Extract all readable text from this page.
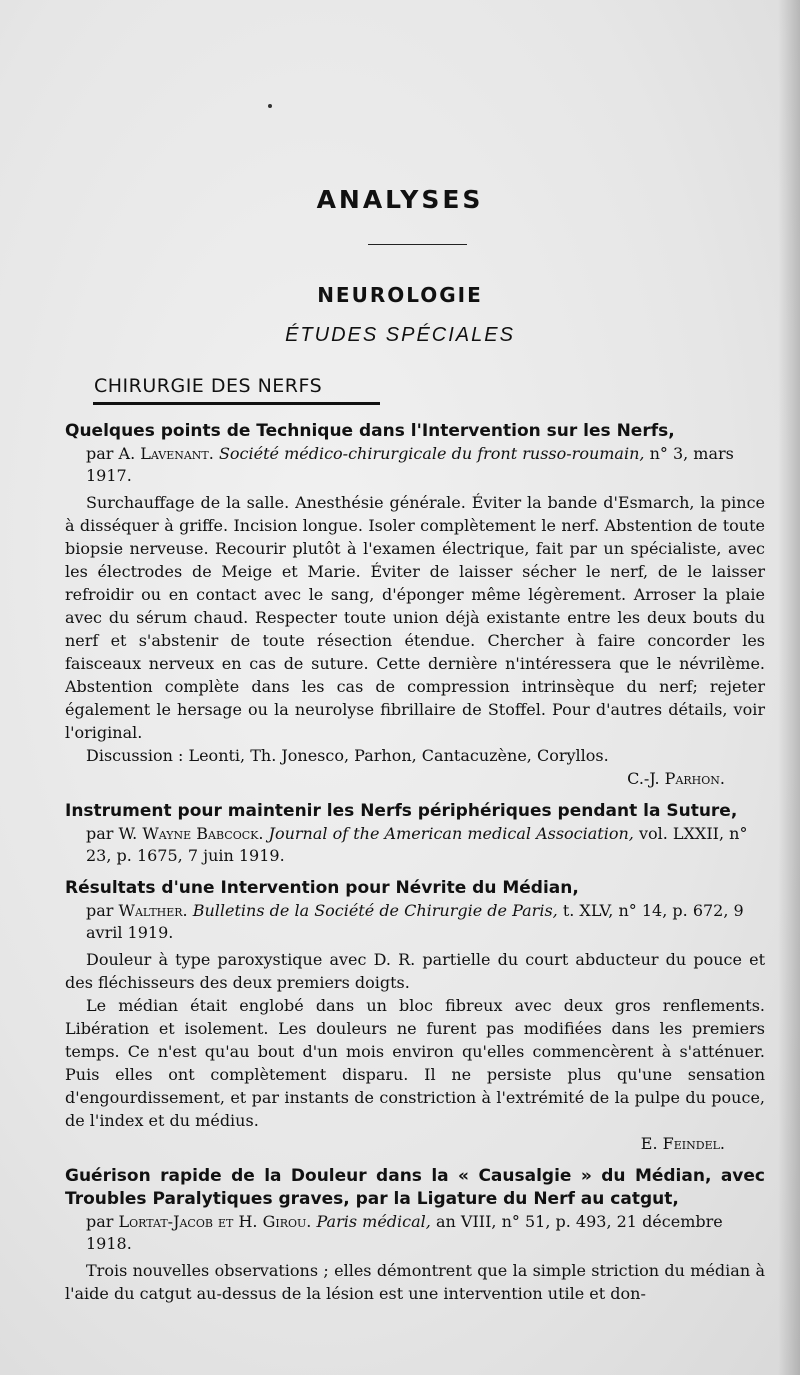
ANALYSES
NEUROLOGIE
ÉTUDES SPÉCIALES
CHIRURGIE DES NERFS

Quelques points de Technique dans l'Intervention sur les Nerfs,

par A. Lavenant. Société médico-chirurgicale du front russo-roumain, n° 3, mars 1917.

Surchauffage de la salle. Anesthésie générale. Éviter la bande d'Esmarch, la pince à disséquer à griffe. Incision longue. Isoler complètement le nerf. Abstention de toute biopsie nerveuse. Recourir plutôt à l'examen électrique, fait par un spécialiste, avec les électrodes de Meige et Marie. Éviter de laisser sécher le nerf, de le laisser refroidir ou en contact avec le sang, d'éponger même légèrement. Arroser la plaie avec du sérum chaud. Respecter toute union déjà existante entre les deux bouts du nerf et s'abstenir de toute résection étendue. Chercher à faire concorder les faisceaux nerveux en cas de suture. Cette dernière n'intéressera que le névrilème. Abstention complète dans les cas de compression intrinsèque du nerf; rejeter également le hersage ou la neurolyse fibrillaire de Stoffel. Pour d'autres détails, voir l'original.

Discussion : Leonti, Th. Jonesco, Parhon, Cantacuzène, Coryllos.

C.-J. Parhon.

Instrument pour maintenir les Nerfs périphériques pendant la Suture,

par W. Wayne Babcock. Journal of the American medical Association, vol. LXXII, n° 23, p. 1675, 7 juin 1919.

Résultats d'une Intervention pour Névrite du Médian,

par Walther. Bulletins de la Société de Chirurgie de Paris, t. XLV, n° 14, p. 672, 9 avril 1919.

Douleur à type paroxystique avec D. R. partielle du court abducteur du pouce et des fléchisseurs des deux premiers doigts.

Le médian était englobé dans un bloc fibreux avec deux gros renflements. Libération et isolement. Les douleurs ne furent pas modifiées dans les premiers temps. Ce n'est qu'au bout d'un mois environ qu'elles commencèrent à s'atténuer. Puis elles ont complètement disparu. Il ne persiste plus qu'une sensation d'engourdissement, et par instants de constriction à l'extrémité de la pulpe du pouce, de l'index et du médius.

E. Feindel.

Guérison rapide de la Douleur dans la « Causalgie » du Médian, avec Troubles Paralytiques graves, par la Ligature du Nerf au catgut,

par Lortat-Jacob et H. Girou. Paris médical, an VIII, n° 51, p. 493, 21 décembre 1918.

Trois nouvelles observations ; elles démontrent que la simple striction du médian à l'aide du catgut au-dessus de la lésion est une intervention utile et don-
